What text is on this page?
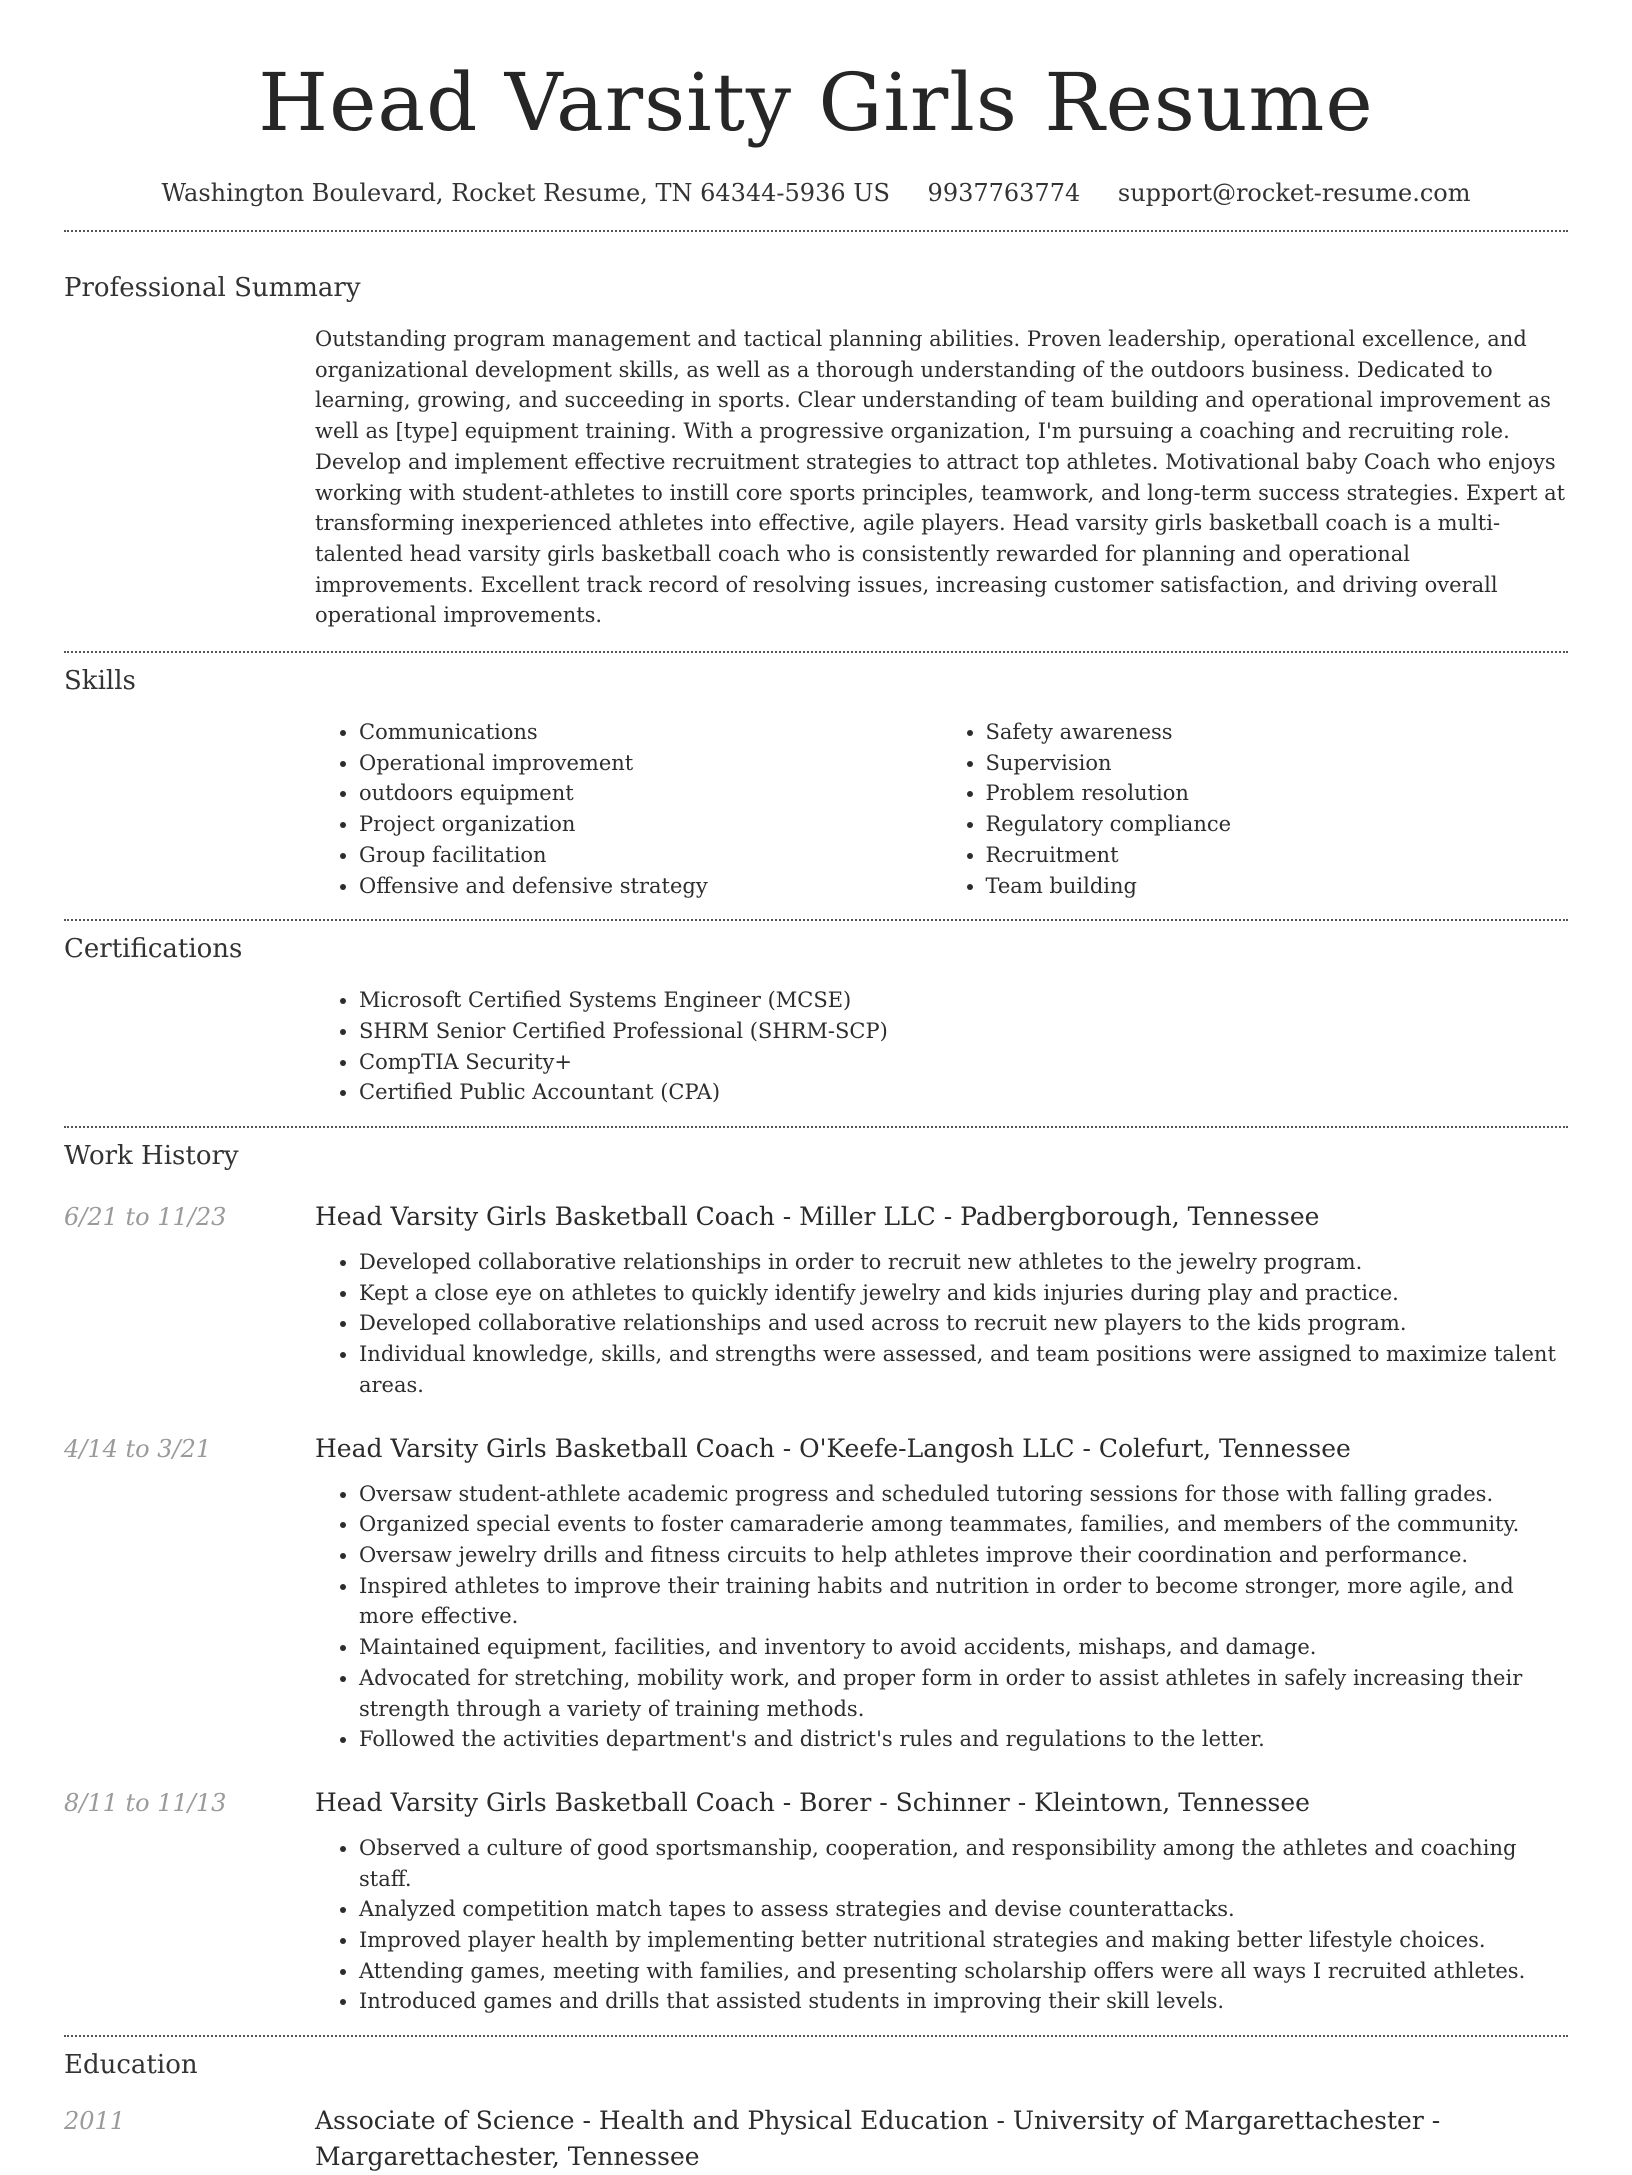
Head Varsity Girls Resume
Washington Boulevard, Rocket Resume, TN 64344-5936 US 9937763774 support@rocket-resume.com
Professional Summary

Outstanding program management and tactical planning abilities. Proven leadership, operational excellence, and organizational development skills, as well as a thorough understanding of the outdoors business. Dedicated to learning, growing, and succeeding in sports. Clear understanding of team building and operational improvement as well as [type] equipment training. With a progressive organization, I'm pursuing a coaching and recruiting role. Develop and implement effective recruitment strategies to attract top athletes. Motivational baby Coach who enjoys working with student-athletes to instill core sports principles, teamwork, and long-term success strategies. Expert at transforming inexperienced athletes into effective, agile players. Head varsity girls basketball coach is a multi-talented head varsity girls basketball coach who is consistently rewarded for planning and operational improvements. Excellent track record of resolving issues, increasing customer satisfaction, and driving overall operational improvements.

Skills
• Communications
• Operational improvement
• outdoors equipment
• Project organization
• Group facilitation
• Offensive and defensive strategy
• Safety awareness
• Supervision
• Problem resolution
• Regulatory compliance
• Recruitment
• Team building
Certifications
• Microsoft Certified Systems Engineer (MCSE)
• SHRM Senior Certified Professional (SHRM-SCP)
• CompTIA Security+
• Certified Public Accountant (CPA)
Work History
6/21 to 11/23	Head Varsity Girls Basketball Coach - Miller LLC - Padbergborough, Tennessee
• Developed collaborative relationships in order to recruit new athletes to the jewelry program.
• Kept a close eye on athletes to quickly identify jewelry and kids injuries during play and practice.
• Developed collaborative relationships and used across to recruit new players to the kids program.
• Individual knowledge, skills, and strengths were assessed, and team positions were assigned to maximize talent areas.
4/14 to 3/21	Head Varsity Girls Basketball Coach - O'Keefe-Langosh LLC - Colefurt, Tennessee
• Oversaw student-athlete academic progress and scheduled tutoring sessions for those with falling grades.
• Organized special events to foster camaraderie among teammates, families, and members of the community.
• Oversaw jewelry drills and fitness circuits to help athletes improve their coordination and performance.
• Inspired athletes to improve their training habits and nutrition in order to become stronger, more agile, and more effective.
• Maintained equipment, facilities, and inventory to avoid accidents, mishaps, and damage.
• Advocated for stretching, mobility work, and proper form in order to assist athletes in safely increasing their strength through a variety of training methods.
• Followed the activities department's and district's rules and regulations to the letter.
8/11 to 11/13	Head Varsity Girls Basketball Coach - Borer - Schinner - Kleintown, Tennessee
• Observed a culture of good sportsmanship, cooperation, and responsibility among the athletes and coaching staff.
• Analyzed competition match tapes to assess strategies and devise counterattacks.
• Improved player health by implementing better nutritional strategies and making better lifestyle choices.
• Attending games, meeting with families, and presenting scholarship offers were all ways I recruited athletes.
• Introduced games and drills that assisted students in improving their skill levels.
Education
2011	Associate of Science - Health and Physical Education - University of Margarettachester - Margarettachester, Tennessee
